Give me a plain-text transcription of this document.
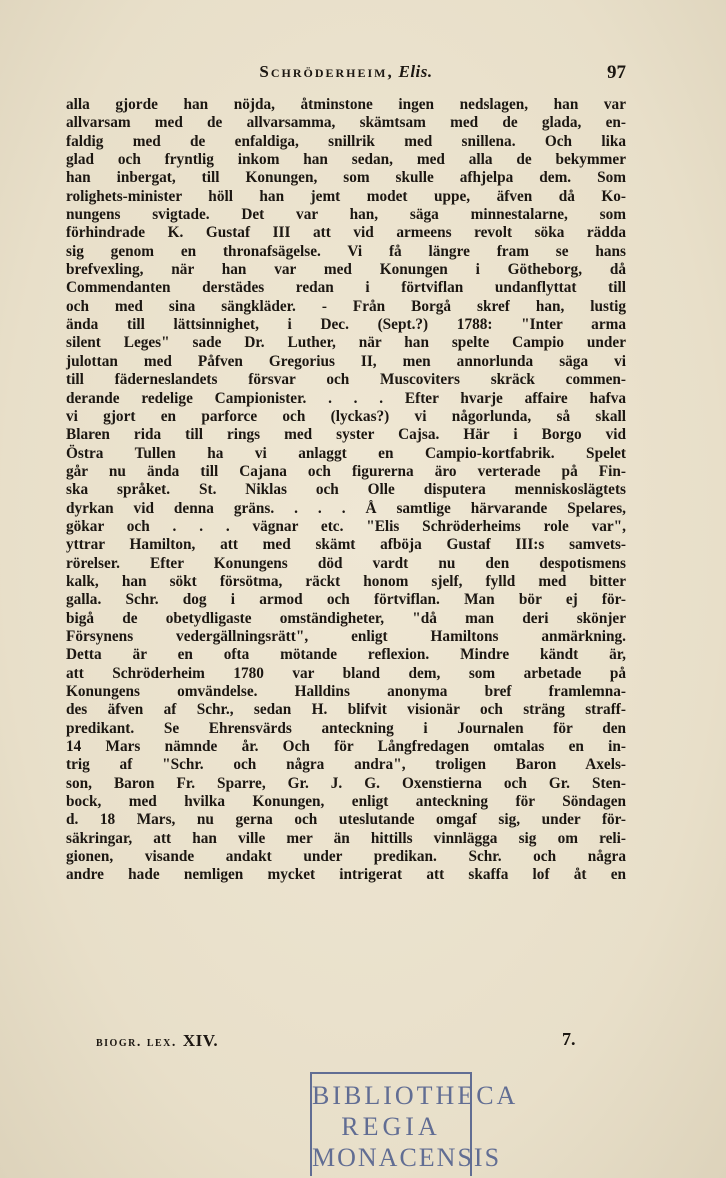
Schröderheim, Elis.	97
alla gjorde han nöjda, åtminstone ingen nedslagen, han var
allvarsam med de allvarsamma, skämtsam med de glada, en-
faldig med de enfaldiga, snillrik med snillena. Och lika
glad och fryntlig inkom han sedan, med alla de bekymmer
han inbergat, till Konungen, som skulle afhjelpa dem. Som
rolighets-minister höll han jemt modet uppe, äfven då Ko-
nungens svigtade. Det var han, säga minnestalarne, som
förhindrade K. Gustaf III att vid armeens revolt söka rädda
sig genom en thronafsägelse. Vi få längre fram se hans
brefvexling, när han var med Konungen i Götheborg, då
Commendanten derstädes redan i förtviflan undanflyttat till
och med sina sängkläder. - Från Borgå skref han, lustig
ända till lättsinnighet, i Dec. (Sept.?) 1788: "Inter arma
silent Leges" sade Dr. Luther, när han spelte Campio under
julottan med Påfven Gregorius II, men annorlunda säga vi
till fäderneslandets försvar och Muscoviters skräck commen-
derande redelige Campionister. . . . Efter hvarje affaire hafva
vi gjort en parforce och (lyckas?) vi någorlunda, så skall
Blaren rida till rings med syster Cajsa. Här i Borgo vid
Östra Tullen ha vi anlaggt en Campio-kortfabrik. Spelet
går nu ända till Cajana och figurerna äro verterade på Fin-
ska språket. St. Niklas och Olle disputera menniskoslägtets
dyrkan vid denna gräns. . . . Å samtlige härvarande Spelares,
gökar och . . . vägnar etc. "Elis Schröderheims role var",
yttrar Hamilton, att med skämt afböja Gustaf III:s samvets-
rörelser. Efter Konungens död vardt nu den despotismens
kalk, han sökt försötma, räckt honom sjelf, fylld med bitter
galla. Schr. dog i armod och förtviflan. Man bör ej för-
bigå de obetydligaste omständigheter, "då man deri skönjer
Försynens vedergällningsrätt", enligt Hamiltons anmärkning.
Detta är en ofta mötande reflexion. Mindre kändt är,
att Schröderheim 1780 var bland dem, som arbetade på
Konungens omvändelse. Halldins anonyma bref framlemna-
des äfven af Schr., sedan H. blifvit visionär och sträng straff-
predikant. Se Ehrensvärds anteckning i Journalen för den
14 Mars nämnde år. Och för Långfredagen omtalas en in-
trig af "Schr. och några andra", troligen Baron Axels-
son, Baron Fr. Sparre, Gr. J. G. Oxenstierna och Gr. Sten-
bock, med hvilka Konungen, enligt anteckning för Söndagen
d. 18 Mars, nu gerna och uteslutande omgaf sig, under för-
säkringar, att han ville mer än hittills vinnlägga sig om reli-
gionen, visande andakt under predikan. Schr. och några
andre hade nemligen mycket intrigerat att skaffa lof åt en
biogr. lex. XIV.	7.
BIBLIOTHECA
REGIA
MONACENSIS
